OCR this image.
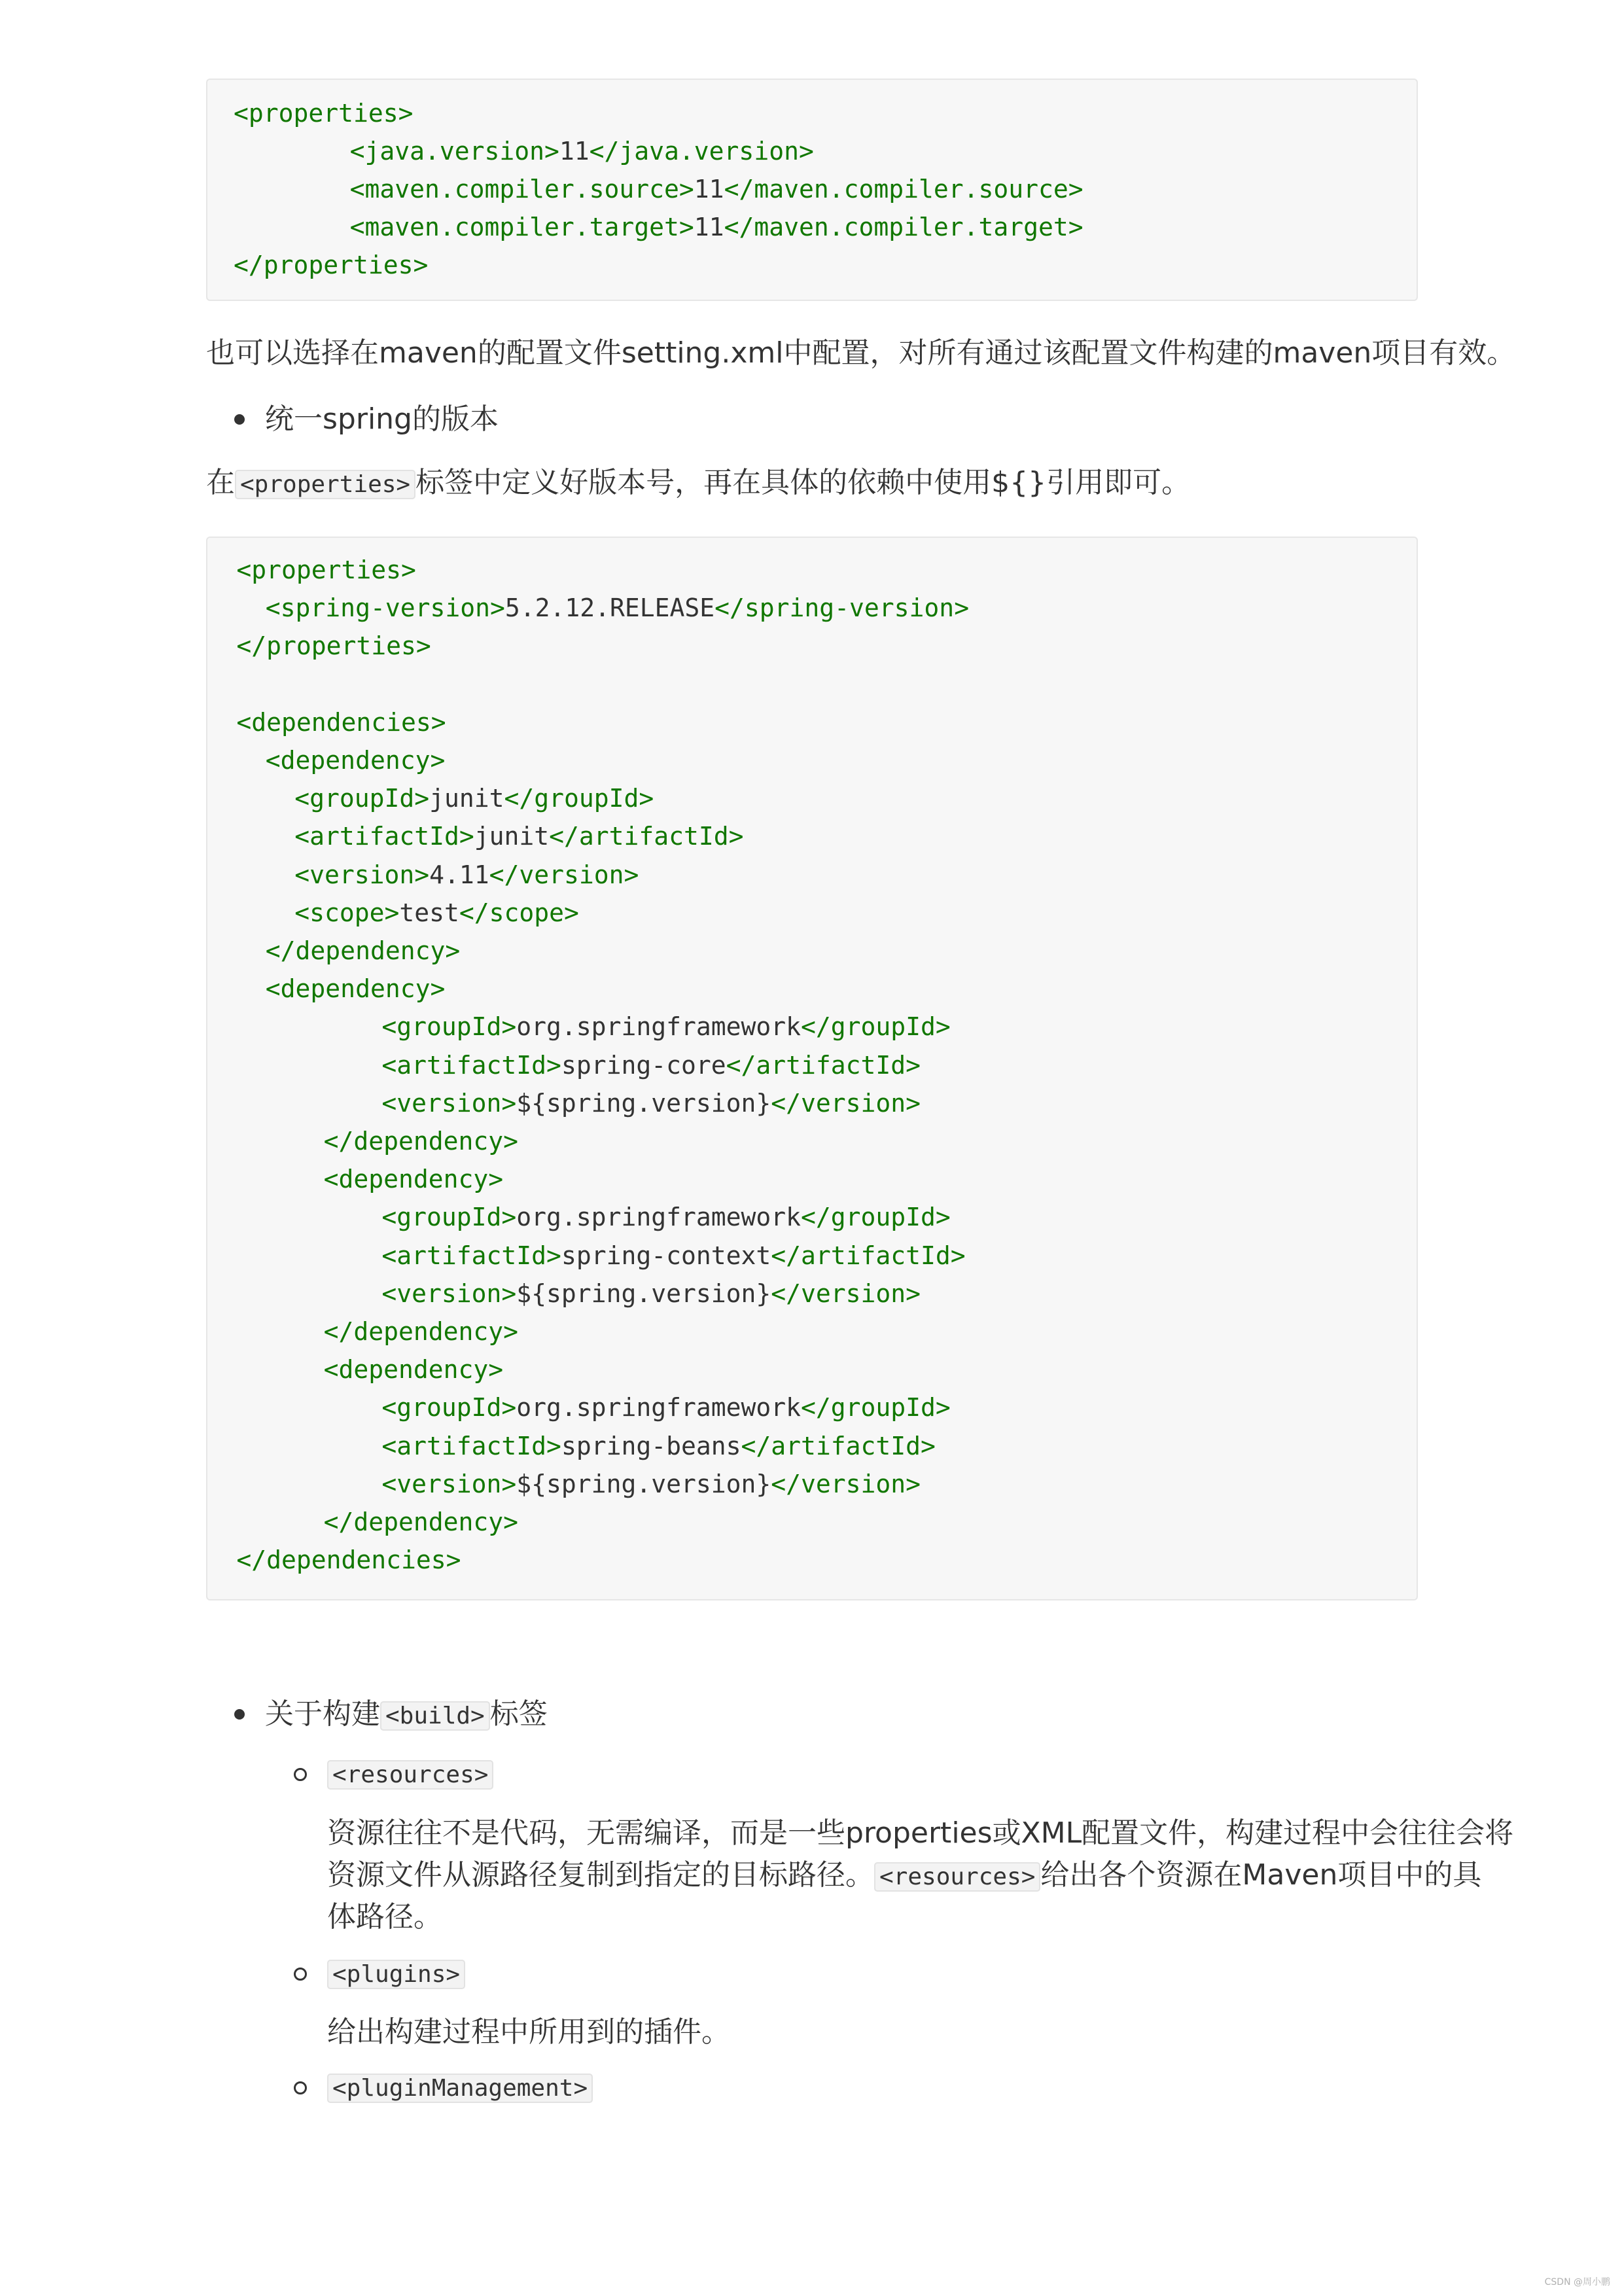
<properties>
<java.version>11</java.version>
<maven.compiler.source>11</maven.compiler.source>
<maven.compiler.target>11</maven.compiler.target>
</properties>
也可以选择在maven的配置文件setting.xml中配置，对所有通过该配置文件构建的maven项目有效。
统一spring的版本
在 <properties> 标签中定义好版本号，再在具体的依赖中使用${}引用即可。
<properties>
<spring-version>5.2.12.RELEASE</spring-version>
</properties>
<dependencies>
<dependency>
<groupId>junit</groupId>
<artifactId>junit</artifactId>
<version>4.11</version>
<scope>test</scope>
</dependency>
<dependency>
<groupId>org.springframework</groupId>
<artifactId>spring-core</artifactId>
<version>${spring.version}</version>
</dependency>
<dependency>
<groupId>org.springframework</groupId>
<artifactId>spring-context</artifactId>
<version>${spring.version}</version>
</dependency>
<dependency>
<groupId>org.springframework</groupId>
<artifactId>spring-beans</artifactId>
<version>${spring.version}</version>
</dependency>
</dependencies>
关于构建 <build> 标签
<resources>
资源往往不是代码，无需编译，而是一些properties或XML配置文件，构建过程中会往往会将
资源文件从源路径复制到指定的目标路径。 <resources> 给出各个资源在Maven项目中的具
体路径。
<plugins>
给出构建过程中所用到的插件。
<pluginManagement>
CSDN @周小鹏
